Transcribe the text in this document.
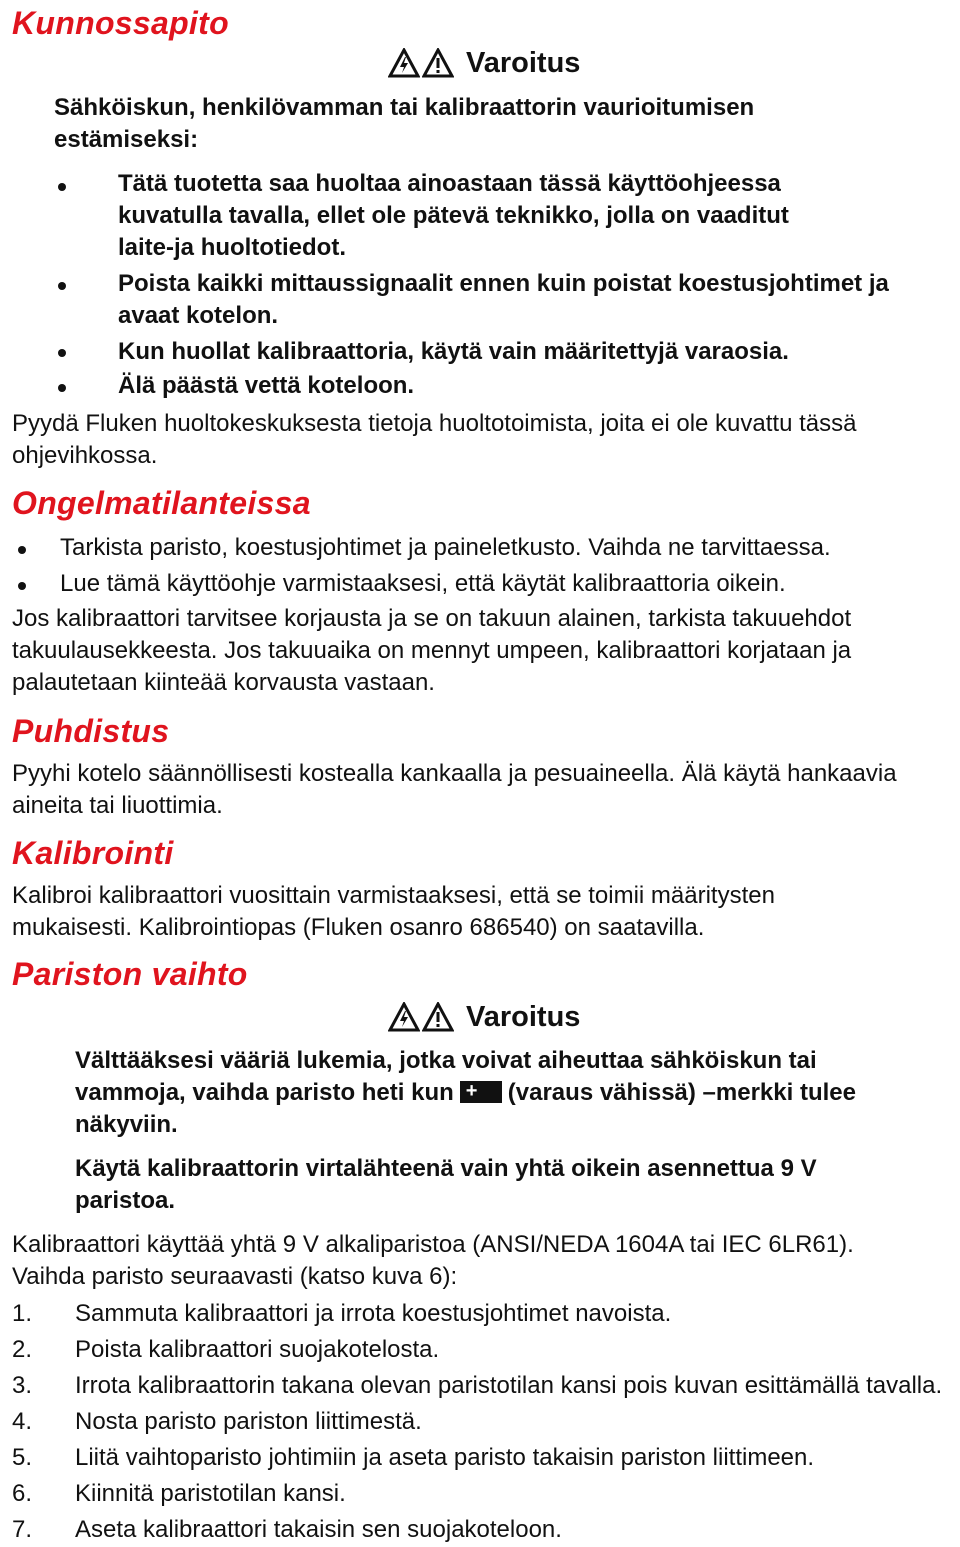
Kunnossapito
Varoitus

Sähköiskun, henkilövamman tai kalibraattorin vaurioitumisen estämiseksi:

Tätä tuotetta saa huoltaa ainoastaan tässä käyttöohjeessa kuvatulla tavalla, ellet ole pätevä teknikko, jolla on vaaditut laite-ja huoltotiedot.

Poista kaikki mittaussignaalit ennen kuin poistat koestusjohtimet ja avaat kotelon.

Kun huollat kalibraattoria, käytä vain määritettyjä varaosia.

Älä päästä vettä koteloon.

Pyydä Fluken huoltokeskuksesta tietoja huoltotoimista, joita ei ole kuvattu tässä ohjevihkossa.

Ongelmatilanteissa

Tarkista paristo, koestusjohtimet ja paineletkusto. Vaihda ne tarvittaessa.

Lue tämä käyttöohje varmistaaksesi, että käytät kalibraattoria oikein.

Jos kalibraattori tarvitsee korjausta ja se on takuun alainen, tarkista takuuehdot takuulausekkeesta. Jos takuuaika on mennyt umpeen, kalibraattori korjataan ja palautetaan kiinteää korvausta vastaan.

Puhdistus

Pyyhi kotelo säännöllisesti kostealla kankaalla ja pesuaineella. Älä käytä hankaavia aineita tai liuottimia.

Kalibrointi

Kalibroi kalibraattori vuosittain varmistaaksesi, että se toimii määritysten mukaisesti. Kalibrointiopas (Fluken osanro 686540) on saatavilla.

Pariston vaihto
Varoitus

Välttääksesi vääriä lukemia, jotka voivat aiheuttaa sähköiskun tai vammoja, vaihda paristo heti kun + (varaus vähissä) –merkki tulee näkyviin.

Käytä kalibraattorin virtalähteenä vain yhtä oikein asennettua 9 V paristoa.

Kalibraattori käyttää yhtä 9 V alkaliparistoa (ANSI/NEDA 1604A tai IEC 6LR61). Vaihda paristo seuraavasti (katso kuva 6):

1. Sammuta kalibraattori ja irrota koestusjohtimet navoista.

2. Poista kalibraattori suojakotelosta.

3. Irrota kalibraattorin takana olevan paristotilan kansi pois kuvan esittämällä tavalla.

4. Nosta paristo pariston liittimestä.

5. Liitä vaihtoparisto johtimiin ja aseta paristo takaisin pariston liittimeen.

6. Kiinnitä paristotilan kansi.

7. Aseta kalibraattori takaisin sen suojakoteloon.
